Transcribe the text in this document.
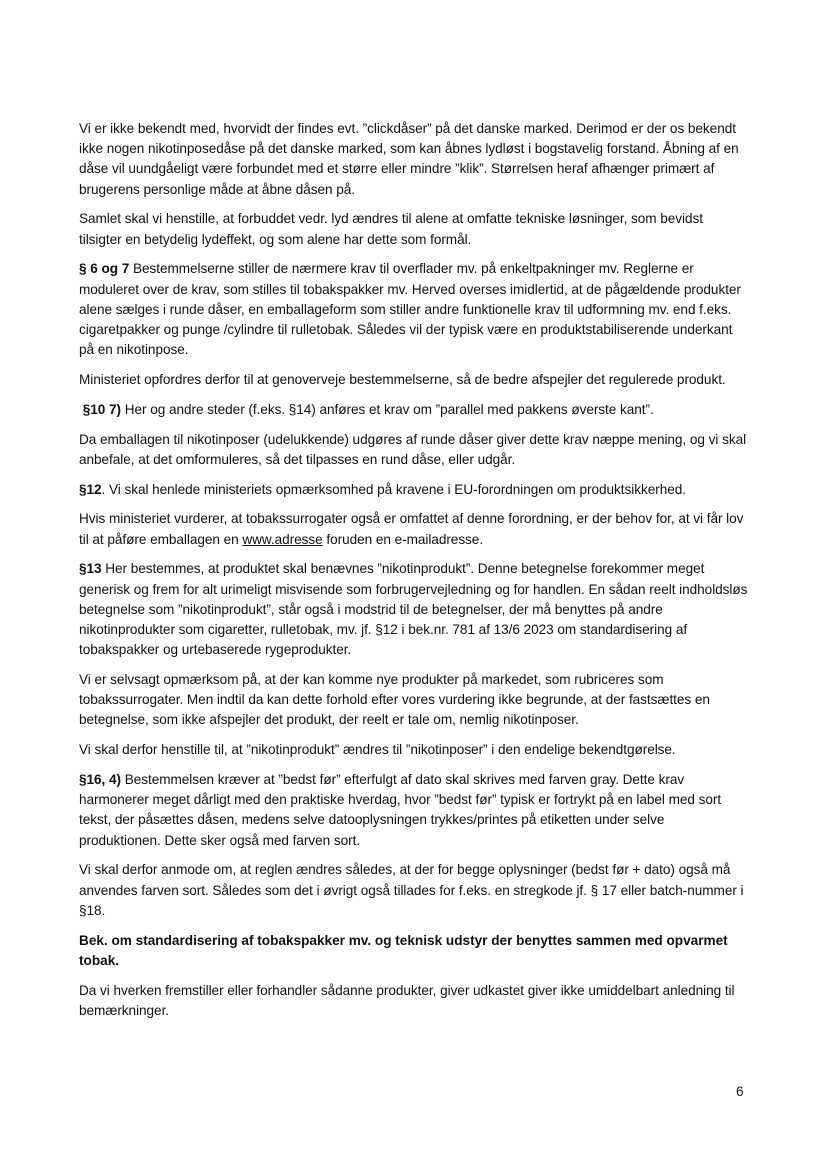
Vi er ikke bekendt med, hvorvidt der findes evt. ”clickdåser” på det danske marked. Derimod er der os bekendt ikke nogen nikotinposedåse på det danske marked, som kan åbnes lydløst i bogstavelig forstand. Åbning af en dåse vil uundgåeligt være forbundet med et større eller mindre ”klik”. Størrelsen heraf afhænger primært af brugerens personlige måde at åbne dåsen på.

Samlet skal vi henstille, at forbuddet vedr. lyd ændres til alene at omfatte tekniske løsninger, som bevidst tilsigter en betydelig lydeffekt, og som alene har dette som formål.

§ 6 og 7 Bestemmelserne stiller de nærmere krav til overflader mv. på enkeltpakninger mv. Reglerne er moduleret over de krav, som stilles til tobakspakker mv. Herved overses imidlertid, at de pågældende produkter alene sælges i runde dåser, en emballageform som stiller andre funktionelle krav til udformning mv. end f.eks. cigaretpakker og punge /cylindre til rulletobak. Således vil der typisk være en produktstabiliserende underkant på en nikotinpose.

Ministeriet opfordres derfor til at genoverveje bestemmelserne, så de bedre afspejler det regulerede produkt.

§10 7) Her og andre steder (f.eks. §14) anføres et krav om ”parallel med pakkens øverste kant”.

Da emballagen til nikotinposer (udelukkende) udgøres af runde dåser giver dette krav næppe mening, og vi skal anbefale, at det omformuleres, så det tilpasses en rund dåse, eller udgår.

§12. Vi skal henlede ministeriets opmærksomhed på kravene i EU-forordningen om produktsikkerhed.

Hvis ministeriet vurderer, at tobakssurrogater også er omfattet af denne forordning, er der behov for, at vi får lov til at påføre emballagen en www.adresse foruden en e-mailadresse.

§13 Her bestemmes, at produktet skal benævnes ”nikotinprodukt”. Denne betegnelse forekommer meget generisk og frem for alt urimeligt misvisende som forbrugervejledning og for handlen. En sådan reelt indholdsløs betegnelse som ”nikotinprodukt”, står også i modstrid til de betegnelser, der må benyttes på andre nikotinprodukter som cigaretter, rulletobak, mv. jf. §12 i bek.nr. 781 af 13/6 2023 om standardisering af tobakspakker og urtebaserede rygeprodukter.

Vi er selvsagt opmærksom på, at der kan komme nye produkter på markedet, som rubriceres som tobakssurrogater. Men indtil da kan dette forhold efter vores vurdering ikke begrunde, at der fastsættes en betegnelse, som ikke afspejler det produkt, der reelt er tale om, nemlig nikotinposer.

Vi skal derfor henstille til, at ”nikotinprodukt” ændres til ”nikotinposer” i den endelige bekendtgørelse.

§16, 4) Bestemmelsen kræver at ”bedst før” efterfulgt af dato skal skrives med farven gray. Dette krav harmonerer meget dårligt med den praktiske hverdag, hvor ”bedst før” typisk er fortrykt på en label med sort tekst, der påsættes dåsen, medens selve datooplysningen trykkes/printes på etiketten under selve produktionen. Dette sker også med farven sort.

Vi skal derfor anmode om, at reglen ændres således, at der for begge oplysninger (bedst før + dato) også må anvendes farven sort. Således som det i øvrigt også tillades for f.eks. en stregkode jf. § 17 eller batch-nummer i §18.

Bek. om standardisering af tobakspakker mv. og teknisk udstyr der benyttes sammen med opvarmet tobak.

Da vi hverken fremstiller eller forhandler sådanne produkter, giver udkastet giver ikke umiddelbart anledning til bemærkninger.

6
